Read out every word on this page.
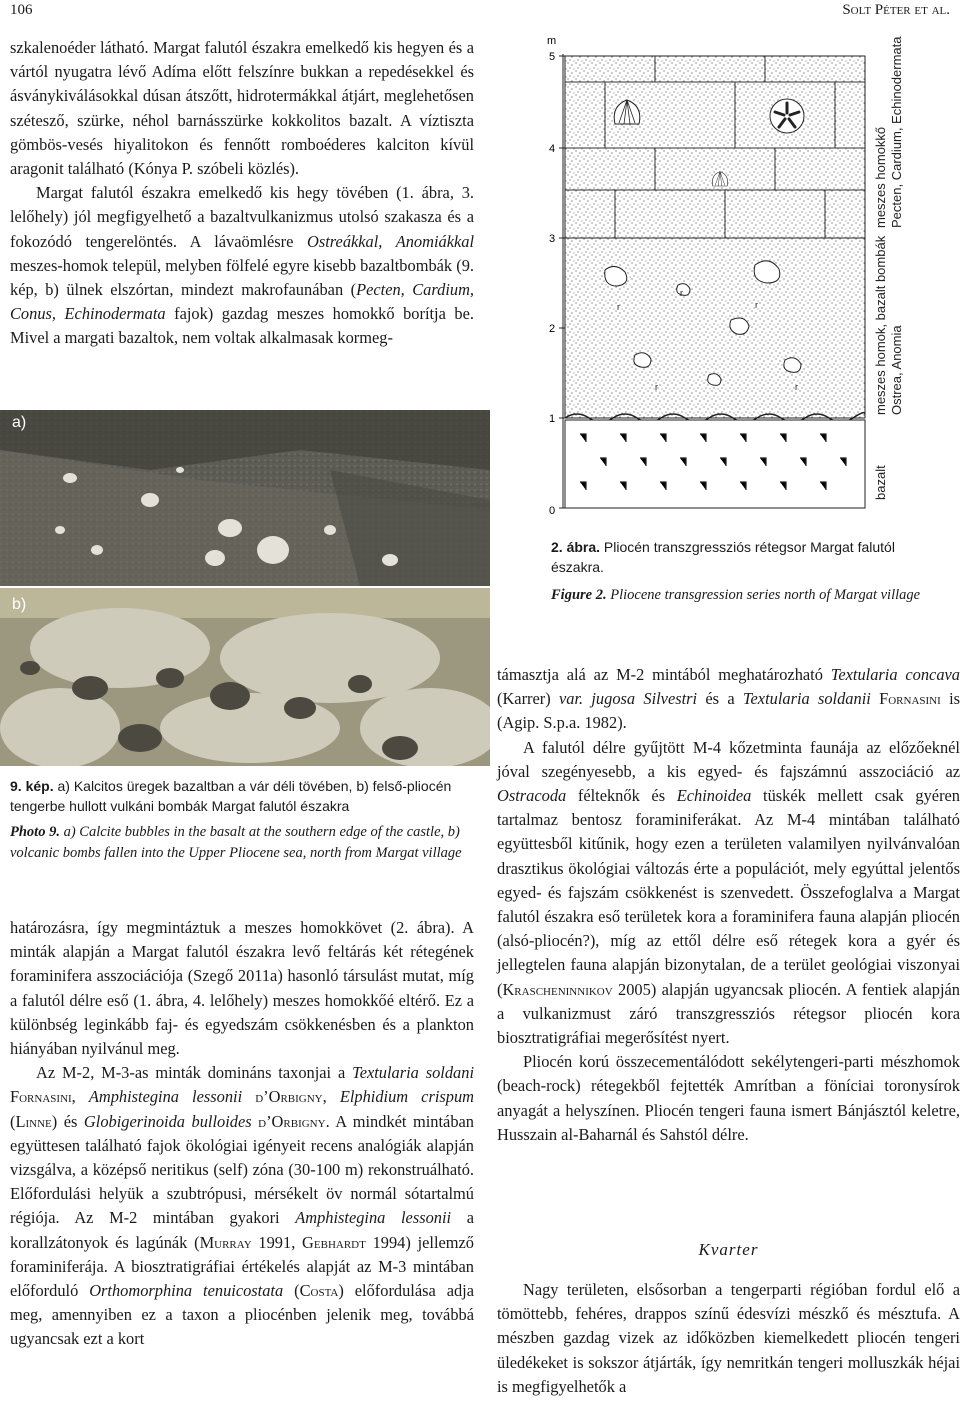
106	Solt Péter et al.

szkalenoéder látható. Margat falutól északra emelkedő kis hegyen és a vártól nyugatra lévő Adíma előtt felszínre bukkan a repedésekkel és ásványkiválásokkal dúsan átszőtt, hidrotermákkal átjárt, meglehetősen szétesző, szürke, néhol barnásszürke kokkolitos bazalt. A víztiszta gömbös-vesés hiyalitokon és fennőtt romboéderes kalciton kívül aragonit található (Kónya P. szóbeli közlés).

Margat falutól északra emelkedő kis hegy tövében (1. ábra, 3. lelőhely) jól megfigyelhető a bazaltvulkanizmus utolsó szakasza és a fokozódó tengerelöntés. A lávaömlésre Ostreákkal, Anomiákkal meszes-homok települ, melyben fölfelé egyre kisebb bazaltbombák (9. kép, b) ülnek elszórtan, mindezt makrofaunában (Pecten, Cardium, Conus, Echinodermata fajok) gazdag meszes homokkő borítja be. Mivel a margati bazaltok, nem voltak alkalmasak kormeg-

a)
b)
9. kép. a) Kalcitos üregek bazaltban a vár déli tövében, b) felső-pliocén tengerbe hullott vulkáni bombák Margat falutól északra
Photo 9. a) Calcite bubbles in the basalt at the southern edge of the castle, b) volcanic bombs fallen into the Upper Pliocene sea, north from Margat village

határozásra, így megmintáztuk a meszes homokkövet (2. ábra). A minták alapján a Margat falutól északra levő feltárás két rétegének foraminifera asszociációja (Szegő 2011a) hasonló társulást mutat, míg a falutól délre eső (1. ábra, 4. lelőhely) meszes homokkőé eltérő. Ez a különbség leginkább faj- és egyedszám csökkenésben és a plankton hiányában nyilvánul meg.

Az M-2, M-3-as minták domináns taxonjai a Textularia soldani Fornasini, Amphistegina lessonii d’Orbigny, Elphidium crispum (Linne) és Globigerinoida bulloides d’Orbigny. A mindkét mintában együttesen található fajok ökológiai igényeit recens analógiák alapján vizsgálva, a középső neritikus (self) zóna (30-100 m) rekonstruálható. Előfordulási helyük a szubtrópusi, mérsékelt öv normál sótartalmú régiója. Az M-2 mintában gyakori Amphistegina lessonii a korallzátonyok és lagúnák (Murray 1991, Gebhardt 1994) jellemző foraminiferája. A biosztratigráfiai értékelés alapját az M-3 mintában előforduló Orthomorphina tenuicostata (Costa) előfordulása adja meg, amennyiben ez a taxon a pliocénben jelenik meg, továbbá ugyancsak ezt a kort

m
5
4
3
2
1
0
r
r	r
r	r
meszes homokkő Pecten, Cardium, Echinodermata
meszes homok, bazalt bombák Ostrea, Anomia
bazalt
2. ábra. Pliocén transzgressziós rétegsor Margat falutól északra.
Figure 2. Pliocene transgression series north of Margat village

támasztja alá az M-2 mintából meghatározható Textularia concava (Karrer) var. jugosa Silvestri és a Textularia soldanii Fornasini is (Agip. S.p.a. 1982).

A falutól délre gyűjtött M-4 kőzetminta faunája az előzőeknél jóval szegényesebb, a kis egyed- és fajszámnú asszociáció az Ostracoda félteknők és Echinoidea tüskék mellett csak gyéren tartalmaz bentosz foraminiferákat. Az M-4 mintában található együttesből kitűnik, hogy ezen a területen valamilyen nyilvánvalóan drasztikus ökológiai változás érte a populációt, mely egyúttal jelentős egyed- és fajszám csökkenést is szenvedett. Összefoglalva a Margat falutól északra eső területek kora a foraminifera fauna alapján pliocén (alsó-pliocén?), míg az ettől délre eső rétegek kora a gyér és jellegtelen fauna alapján bizonytalan, de a terület geológiai viszonyai (Krascheninnikov 2005) alapján ugyancsak pliocén. A fentiek alapján a vulkanizmust záró transzgressziós rétegsor pliocén kora biosztratigráfiai megerősítést nyert.

Pliocén korú összecementálódott sekélytengeri-parti mészhomok (beach-rock) rétegekből fejtették Amrítban a föníciai toronysírok anyagát a helyszínen. Pliocén tengeri fauna ismert Bánjásztól keletre, Husszain al-Baharnál és Sahstól délre.

Kvarter

Nagy területen, elsősorban a tengerparti régióban fordul elő a tömöttebb, fehéres, drappos színű édesvízi mészkő és mésztufa. A mészben gazdag vizek az időközben kiemelkedett pliocén tengeri üledékeket is sokszor átjárták, így nemritkán tengeri molluszkák héjai is megfigyelhetők a
